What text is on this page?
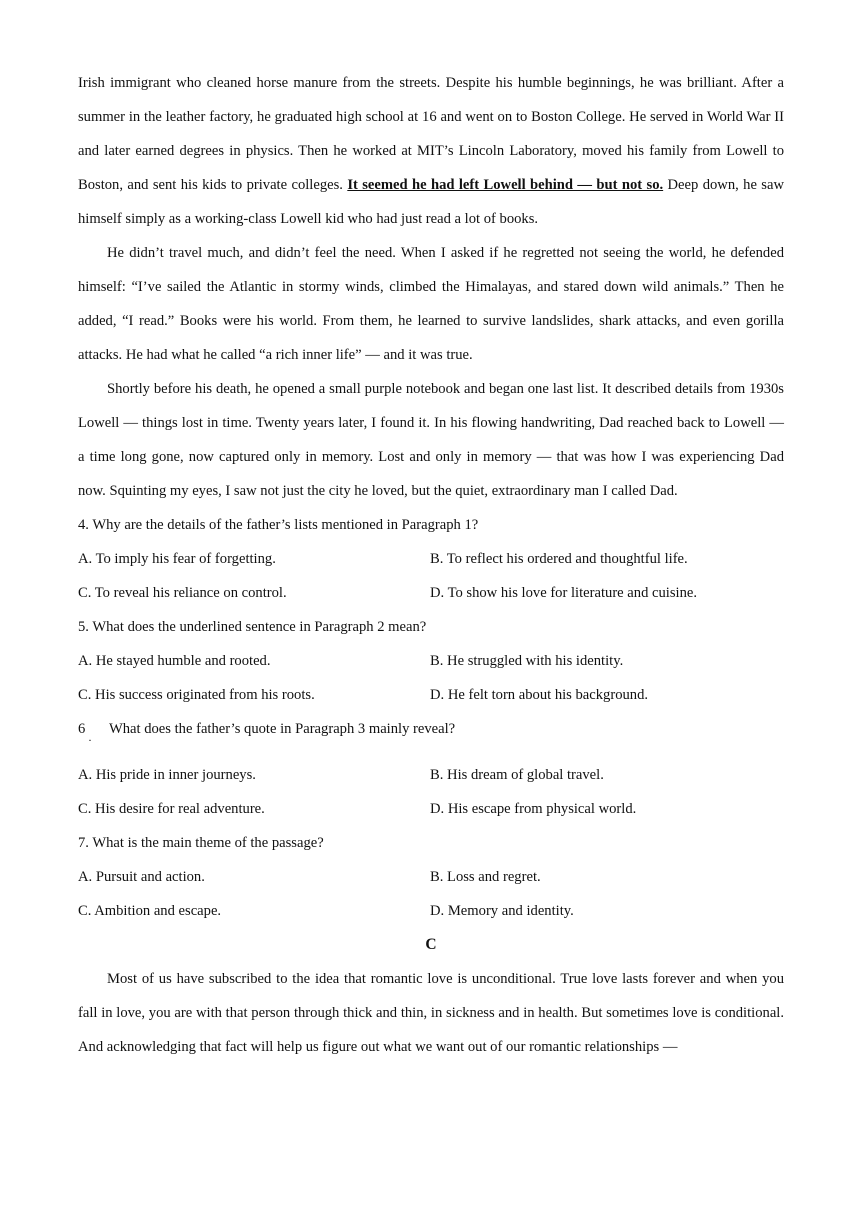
Irish immigrant who cleaned horse manure from the streets. Despite his humble beginnings, he was brilliant. After a summer in the leather factory, he graduated high school at 16 and went on to Boston College. He served in World War II and later earned degrees in physics. Then he worked at MIT’s Lincoln Laboratory, moved his family from Lowell to Boston, and sent his kids to private colleges. It seemed he had left Lowell behind — but not so. Deep down, he saw himself simply as a working-class Lowell kid who had just read a lot of books.

He didn’t travel much, and didn’t feel the need. When I asked if he regretted not seeing the world, he defended himself: “I’ve sailed the Atlantic in stormy winds, climbed the Himalayas, and stared down wild animals.” Then he added, “I read.” Books were his world. From them, he learned to survive landslides, shark attacks, and even gorilla attacks. He had what he called “a rich inner life” — and it was true.

Shortly before his death, he opened a small purple notebook and began one last list. It described details from 1930s Lowell — things lost in time. Twenty years later, I found it. In his flowing handwriting, Dad reached back to Lowell — a time long gone, now captured only in memory. Lost and only in memory — that was how I was experiencing Dad now. Squinting my eyes, I saw not just the city he loved, but the quiet, extraordinary man I called Dad.

4. Why are the details of the father’s lists mentioned in Paragraph 1?
A. To imply his fear of forgetting.	B. To reflect his ordered and thoughtful life.
C. To reveal his reliance on control.	D. To show his love for literature and cuisine.
5. What does the underlined sentence in Paragraph 2 mean?
A. He stayed humble and rooted.	B. He struggled with his identity.
C. His success originated from his roots.	D. He felt torn about his background.
6
·
What does the father’s quote in Paragraph 3 mainly reveal?
A. His pride in inner journeys.	B. His dream of global travel.
C. His desire for real adventure.	D. His escape from physical world.
7. What is the main theme of the passage?
A. Pursuit and action.	B. Loss and regret.
C. Ambition and escape.	D. Memory and identity.
C

Most of us have subscribed to the idea that romantic love is unconditional. True love lasts forever and when you fall in love, you are with that person through thick and thin, in sickness and in health. But sometimes love is conditional. And acknowledging that fact will help us figure out what we want out of our romantic relationships —
